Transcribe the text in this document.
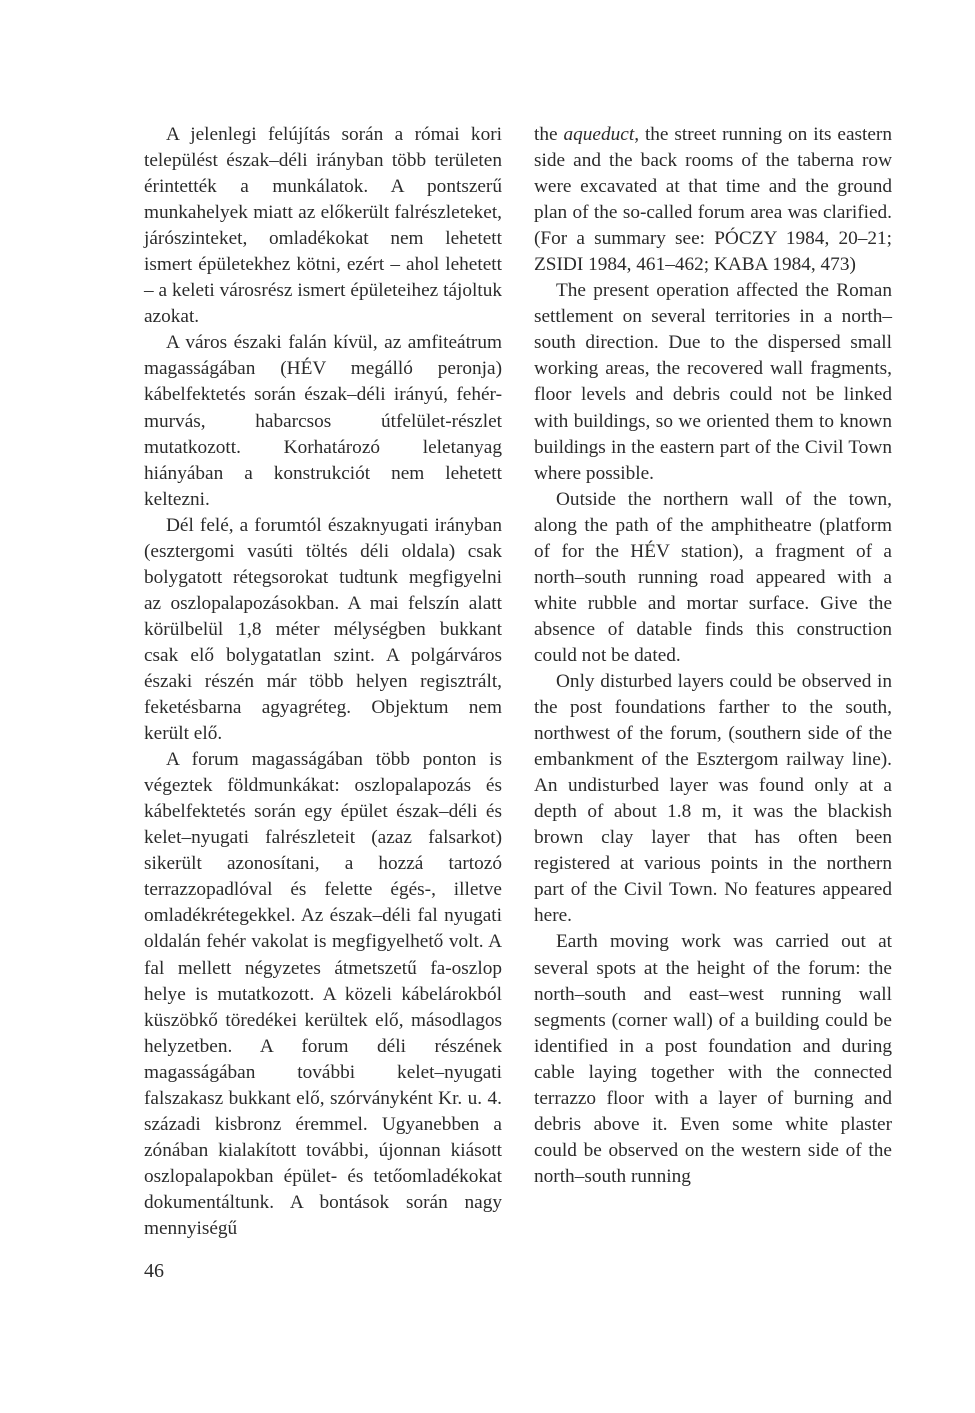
A jelenlegi felújítás során a római kori települést észak–déli irányban több területen érintették a munkálatok. A pontszerű munkahelyek miatt az előkerült falrészleteket, járószinteket, omladékokat nem lehetett ismert épületekhez kötni, ezért – ahol lehetett – a keleti városrész ismert épületeihez tájoltuk azokat.

A város északi falán kívül, az amfiteátrum magasságában (HÉV megálló peronja) kábelfektetés során észak–déli irányú, fehér-murvás, habarcsos útfelület-részlet mutatkozott. Korhatározó leletanyag hiányában a konstrukciót nem lehetett keltezni.

Dél felé, a forumtól északnyugati irányban (esztergomi vasúti töltés déli oldala) csak bolygatott rétegsorokat tudtunk megfigyelni az oszlopalapozásokban. A mai felszín alatt körülbelül 1,8 méter mélységben bukkant csak elő bolygatatlan szint. A polgárváros északi részén már több helyen regisztrált, feketésbarna agyagréteg. Objektum nem került elő.

A forum magasságában több ponton is végeztek földmunkákat: oszlopalapozás és kábelfektetés során egy épület észak–déli és kelet–nyugati falrészleteit (azaz falsarkot) sikerült azonosítani, a hozzá tartozó terrazzopadlóval és felette égés-, illetve omladékrétegekkel. Az észak–déli fal nyugati oldalán fehér vakolat is megfigyelhető volt. A fal mellett négyzetes átmetszetű fa-oszlop helye is mutatkozott. A közeli kábelárokból küszöbkő töredékei kerültek elő, másodlagos helyzetben. A forum déli részének magasságában további kelet–nyugati falszakasz bukkant elő, szórványként Kr. u. 4. századi kisbronz éremmel. Ugyanebben a zónában kialakított további, újonnan kiásott oszlopalapokban épület- és tetőomladékokat dokumentáltunk. A bontások során nagy mennyiségű

the aqueduct, the street running on its eastern side and the back rooms of the taberna row were excavated at that time and the ground plan of the so-called forum area was clarified. (For a summary see: PÓCZY 1984, 20–21; ZSIDI 1984, 461–462; KABA 1984, 473)

The present operation affected the Roman settlement on several territories in a north–south direction. Due to the dispersed small working areas, the recovered wall fragments, floor levels and debris could not be linked with buildings, so we oriented them to known buildings in the eastern part of the Civil Town where possible.

Outside the northern wall of the town, along the path of the amphitheatre (platform of for the HÉV station), a fragment of a north–south running road appeared with a white rubble and mortar surface. Give the absence of datable finds this construction could not be dated.

Only disturbed layers could be observed in the post foundations farther to the south, northwest of the forum, (southern side of the embankment of the Esztergom railway line). An undisturbed layer was found only at a depth of about 1.8 m, it was the blackish brown clay layer that has often been registered at various points in the northern part of the Civil Town. No features appeared here.

Earth moving work was carried out at several spots at the height of the forum: the north–south and east–west running wall segments (corner wall) of a building could be identified in a post foundation and during cable laying together with the connected terrazzo floor with a layer of burning and debris above it. Even some white plaster could be observed on the western side of the north–south running

46
